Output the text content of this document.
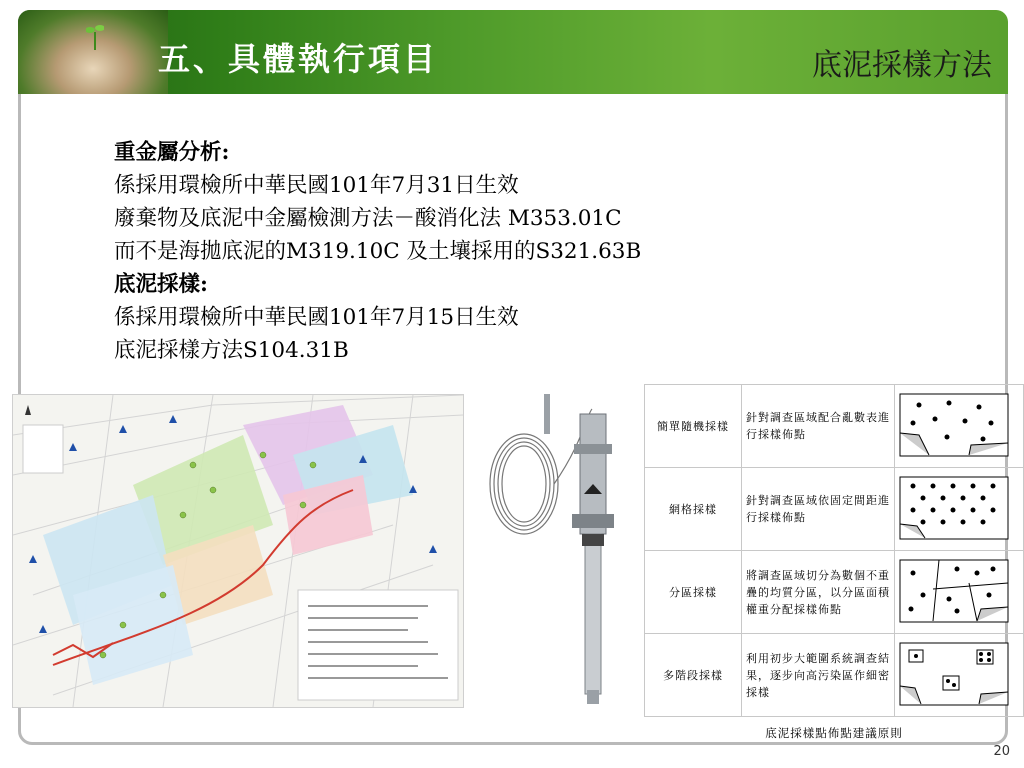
五、具體執行項目	底泥採樣方法
重金屬分析:
係採用環檢所中華民國101年7月31日生效
廢棄物及底泥中金屬檢測方法－酸消化法 M353.01C
而不是海拋底泥的M319.10C 及土壤採用的S321.63B
底泥採樣:
係採用環檢所中華民國101年7月15日生效
底泥採樣方法S104.31B
簡單隨機採樣	針對調查區域配合亂數表進行採樣佈點	
網格採樣	針對調查區域依固定間距進行採樣佈點	
分區採樣	將調查區域切分為數個不重疊的均質分區，以分區面積權重分配採樣佈點	
多階段採樣	利用初步大範圍系統調查結果，逐步向高污染區作細密採樣	
底泥採樣點佈點建議原則
20
